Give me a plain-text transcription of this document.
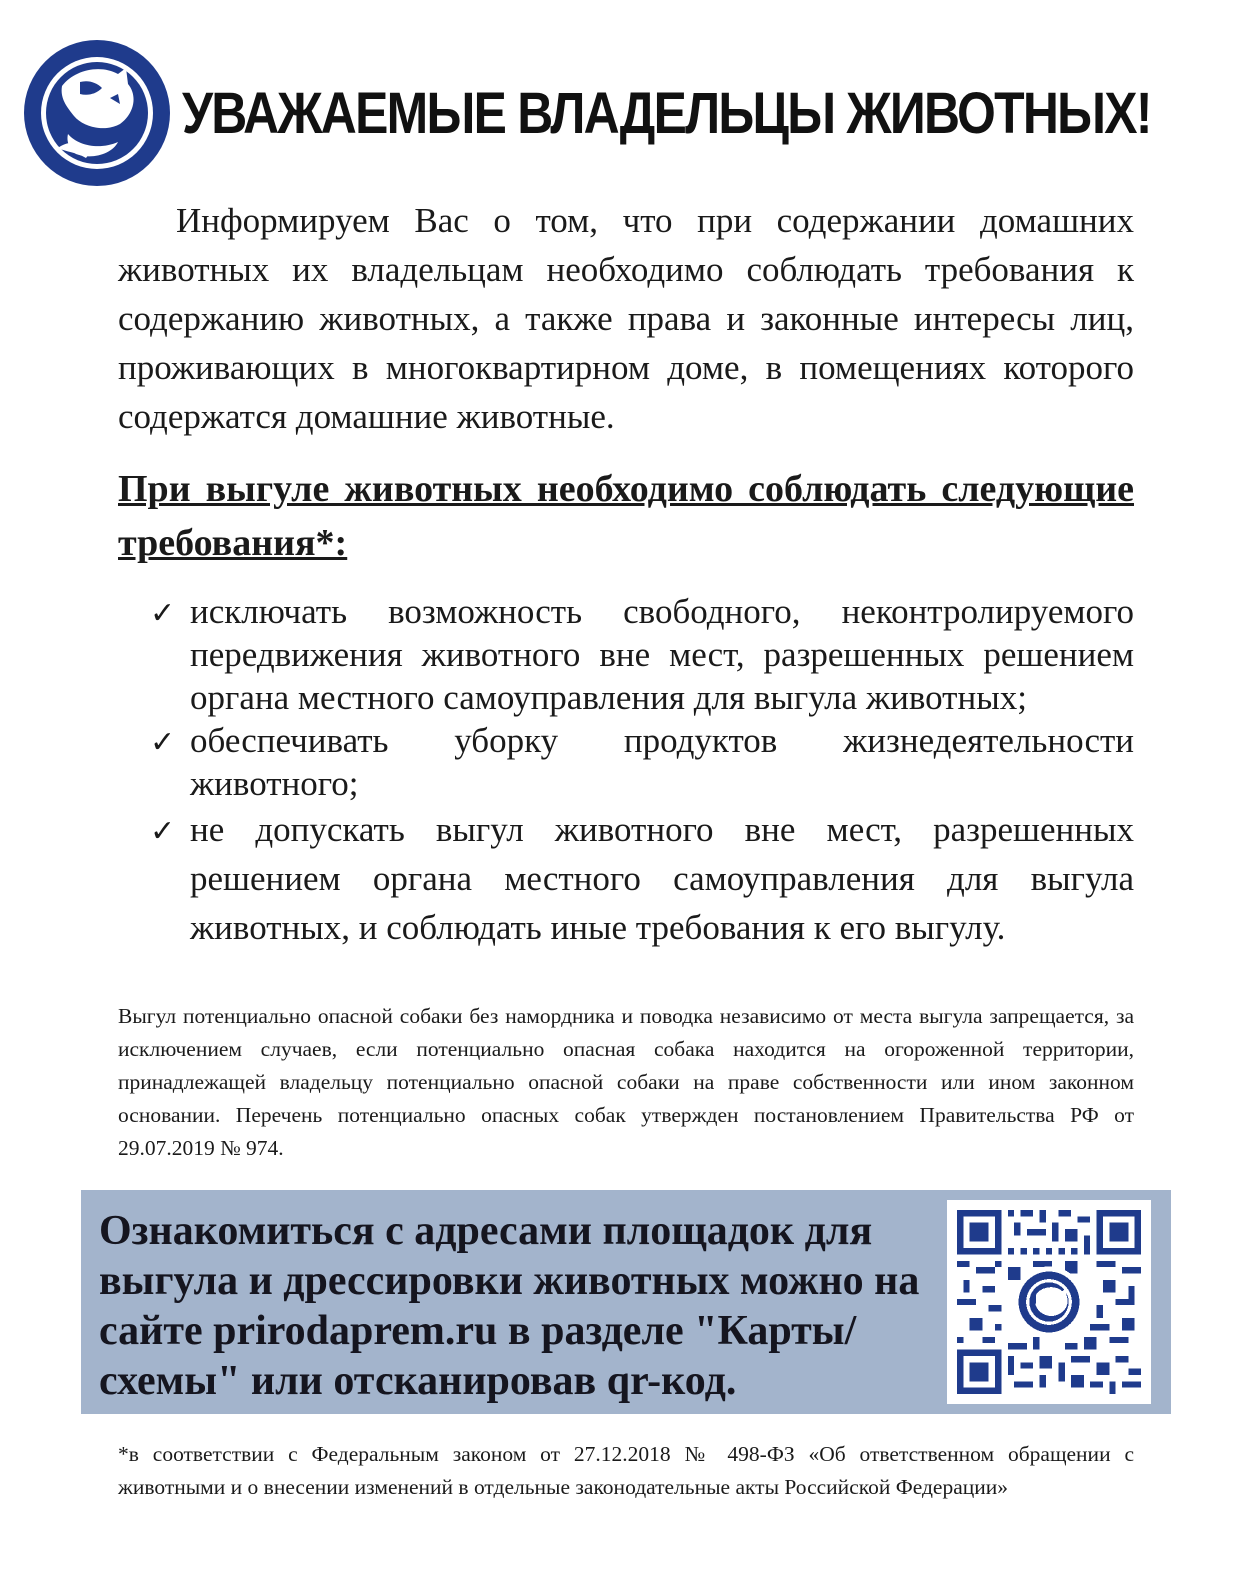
УВАЖАЕМЫЕ ВЛАДЕЛЬЦЫ ЖИВОТНЫХ!

Информируем Вас о том, что при содержании домашних животных их владельцам необходимо соблюдать требования к содержанию животных, а также права и законные интересы лиц, проживающих в многоквартирном доме, в помещениях которого содержатся домашние животные.

При выгуле животных необходимо соблюдать следующие требования*:

✓ исключать возможность свободного, неконтролируемого передвижения животного вне мест, разрешенных решением органа местного самоуправления для выгула животных;
✓ обеспечивать уборку продуктов жизнедеятельности животного;
✓ не допускать выгул животного вне мест, разрешенных решением органа местного самоуправления для выгула животных, и соблюдать иные требования к его выгулу.

Выгул потенциально опасной собаки без намордника и поводка независимо от места выгула запрещается, за исключением случаев, если потенциально опасная собака находится на огороженной территории, принадлежащей владельцу потенциально опасной собаки на праве собственности или ином законном основании. Перечень потенциально опасных собак утвержден постановлением Правительства РФ от 29.07.2019 № 974.

Ознакомиться с адресами площадок для выгула и дрессировки животных можно на сайте prirodaprem.ru в разделе "Карты/схемы" или отсканировав qr-код.

*в соответствии с Федеральным законом от 27.12.2018 № 498-ФЗ «Об ответственном обращении с животными и о внесении изменений в отдельные законодательные акты Российской Федерации»
